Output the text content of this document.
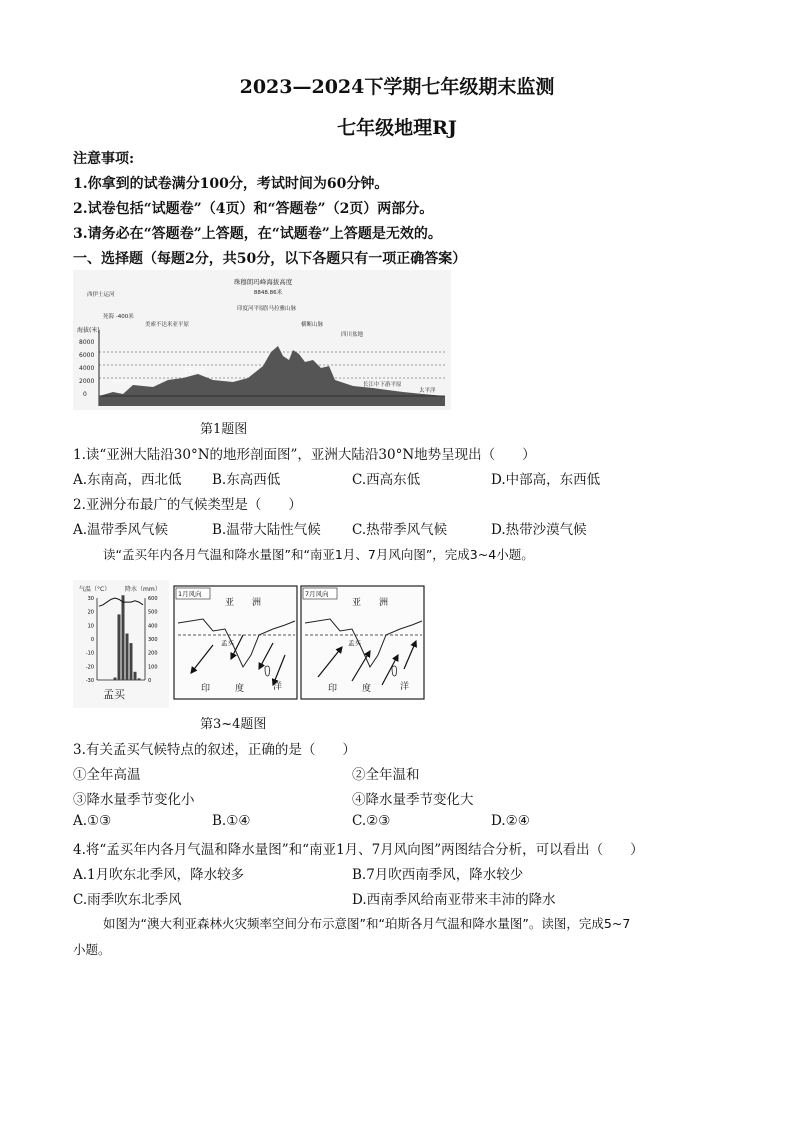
2023—2024下学期七年级期末监测
七年级地理RJ
注意事项:
1.你拿到的试卷满分100分，考试时间为60分钟。
2.试卷包括“试题卷”（4页）和“答题卷”（2页）两部分。
3.请务必在“答题卷”上答题，在“试题卷”上答题是无效的。
一、选择题（每题2分，共50分，以下各题只有一项正确答案）
珠穆朗玛峰海拔高度
8848.86米
海拔(米)
8000
6000
4000
2000
0
西伊士运河
死海 -400米
美索不达米亚平原
印度河平原
喜马拉雅山脉
横断山脉
四川盆地
长江中下游平原
太平洋
伊朗高原
阿拉伯高原
第1题图
1.读“亚洲大陆沿30°N的地形剖面图”，亚洲大陆沿30°N地势呈现出（　　）
A.东南高，西北低 B.东高西低	C.西高东低	D.中部高，东西低
2.亚洲分布最广的气候类型是（　　）
A.温带季风气候	B.温带大陆性气候 C.热带季风气候	D.热带沙漠气候
读“孟买年内各月气温和降水量图”和“南亚1月、7月风向图”，完成3~4小题。
气温（°C） 降水（mm）
30
20
10
0
-10
-20
-30
600
500
400
300
200
100
0
孟买
1月风向
亚　　洲
孟买
印	度	洋
7月风向
亚　　洲
孟买
印	度	洋
第3~4题图
3.有关孟买气候特点的叙述，正确的是（　　）
①全年高温	②全年温和
③降水量季节变化小	④降水量季节变化大
A.①③	B.①④	C.②③	D.②④
4.将“孟买年内各月气温和降水量图”和“南亚1月、7月风向图”两图结合分析，可以看出（　　）
A.1月吹东北季风，降水较多	B.7月吹西南季风，降水较少
C.雨季吹东北季风	D.西南季风给南亚带来丰沛的降水
如图为“澳大利亚森林火灾频率空间分布示意图”和“珀斯各月气温和降水量图”。读图，完成5~7
小题。
